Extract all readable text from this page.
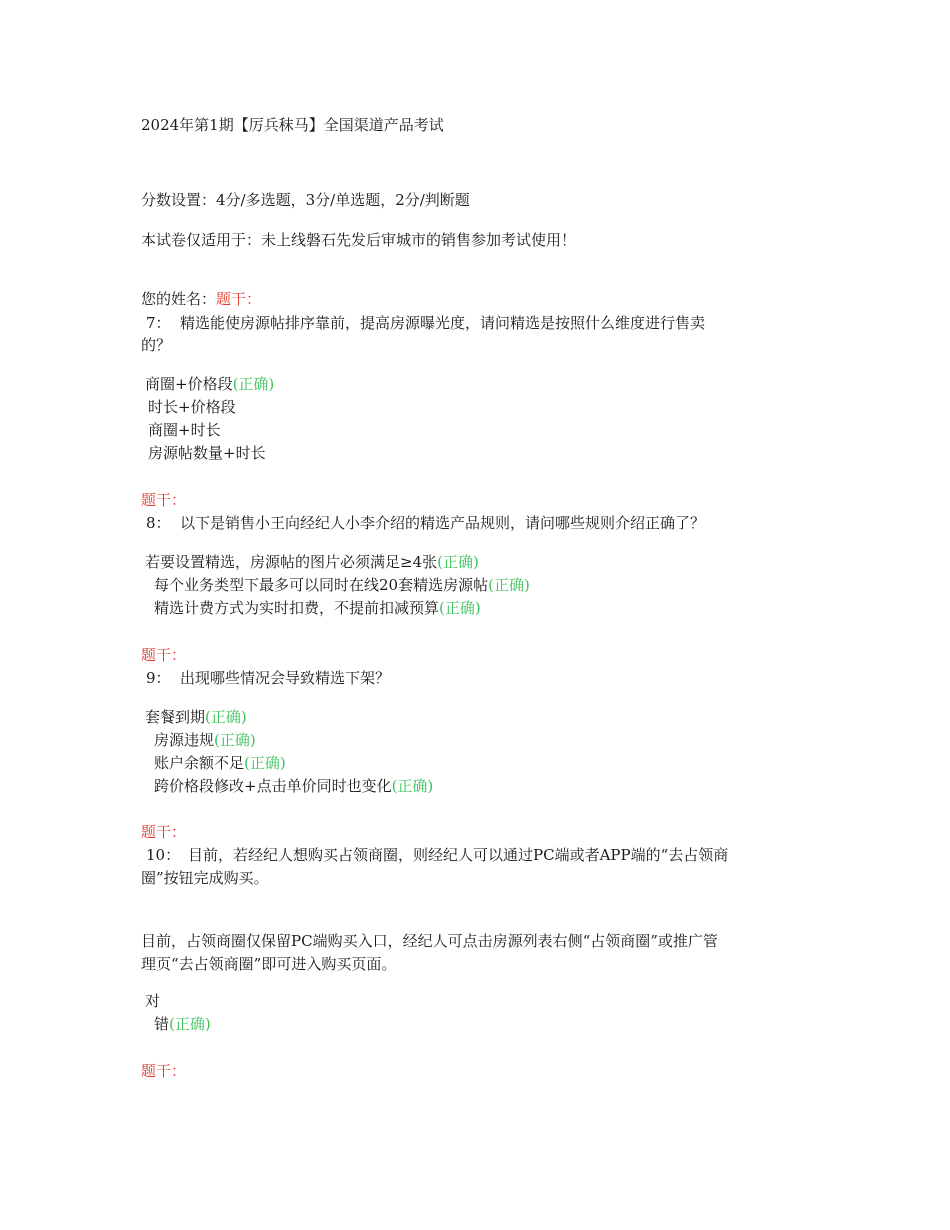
2024年第1期【厉兵秣马】全国渠道产品考试
分数设置：4分/多选题，3分/单选题，2分/判断题
本试卷仅适用于：未上线磐石先发后审城市的销售参加考试使用！
您的姓名：题干：
7： 精选能使房源帖排序靠前，提高房源曝光度，请问精选是按照什么维度进行售卖
的？
商圈+价格段(正确)
时长+价格段
商圈+时长
房源帖数量+时长
题干：
8： 以下是销售小王向经纪人小李介绍的精选产品规则，请问哪些规则介绍正确了？
若要设置精选，房源帖的图片必须满足≥4张(正确)
每个业务类型下最多可以同时在线20套精选房源帖(正确)
精选计费方式为实时扣费，不提前扣减预算(正确)
题干：
9： 出现哪些情况会导致精选下架？
套餐到期(正确)
房源违规(正确)
账户余额不足(正确)
跨价格段修改+点击单价同时也变化(正确)
题干：
10： 目前，若经纪人想购买占领商圈，则经纪人可以通过PC端或者APP端的“去占领商
圈”按钮完成购买。
目前，占领商圈仅保留PC端购买入口，经纪人可点击房源列表右侧“占领商圈”或推广管
理页“去占领商圈”即可进入购买页面。
对
错(正确)
题干：
